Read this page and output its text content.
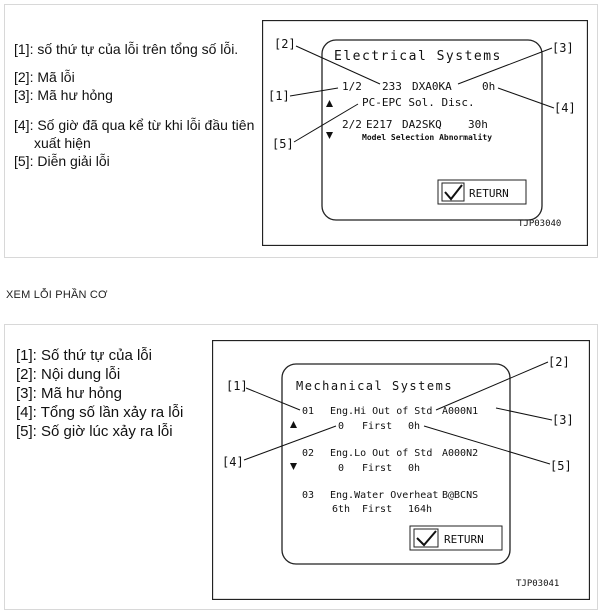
[1]: số thứ tự của lỗi trên tổng số lỗi.
[2]: Mã lỗi
[3]: Mã hư hỏng
[4]: Số giờ đã qua kể từ khi lỗi đầu tiên
xuất hiện
[5]: Diễn giải lỗi
Electrical Systems
1/2 233 DXA0KA	0h
PC-EPC Sol. Disc.
2/2 E217 DA2SKQ 30h
Model Selection Abnormality
RETURN
[1]
[2]	[3]
[4]
[5]
TJP03040
XEM LỖI PHẦN CƠ
[1]: Số thứ tự của lỗi
[2]: Nội dung lỗi
[3]: Mã hư hỏng
[4]: Tổng số lần xảy ra lỗi
[5]: Số giờ lúc xảy ra lỗi
Mechanical Systems
01 Eng.Hi Out of Std A000N1
0 First 0h
02 Eng.Lo Out of Std A000N2
0 First 0h
03 Eng.Water Overheat B@BCNS
6th First 164h
RETURN
[1]
[2]
[3]
[4]	[5]
TJP03041
